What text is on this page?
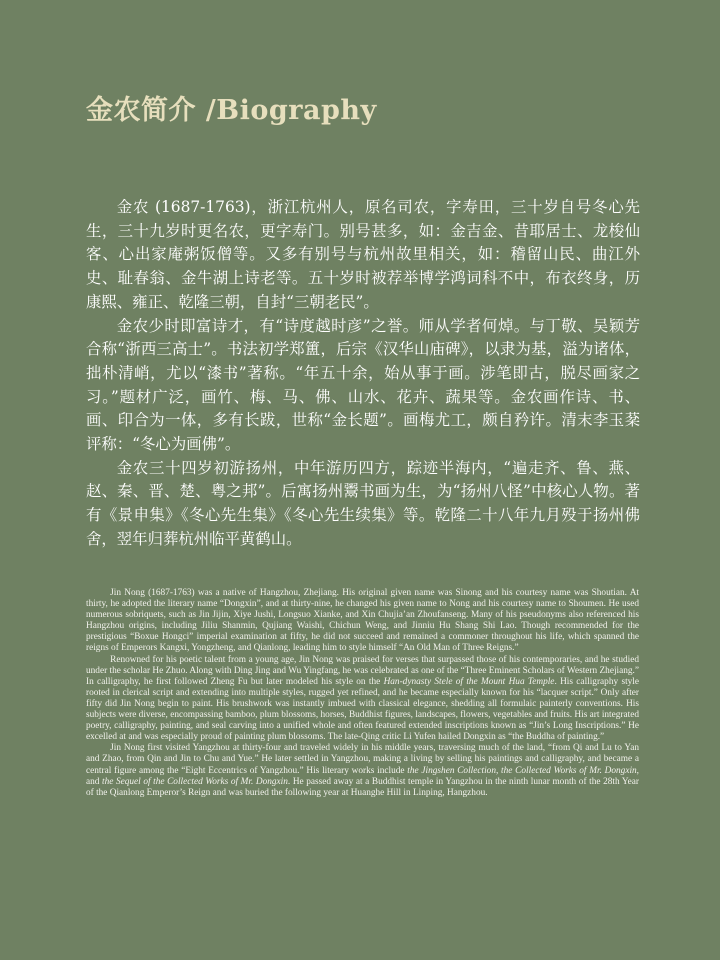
金农简介 /Biography

金农 (1687-1763)，浙江杭州人，原名司农，字寿田，三十岁自号冬心先生，三十九岁时更名农，更字寿门。别号甚多，如：金吉金、昔耶居士、龙梭仙客、心出家庵粥饭僧等。又多有别号与杭州故里相关，如：稽留山民、曲江外史、耻春翁、金牛湖上诗老等。五十岁时被荐举博学鸿词科不中，布衣终身，历康熙、雍正、乾隆三朝，自封“三朝老民”。

金农少时即富诗才，有“诗度越时彦”之誉。师从学者何焯。与丁敬、吴颖芳合称“浙西三高士”。书法初学郑簠，后宗《汉华山庙碑》，以隶为基，溢为诸体，拙朴清峭，尤以“漆书”著称。“年五十余，始从事于画。涉笔即古，脱尽画家之习。”题材广泛，画竹、梅、马、佛、山水、花卉、蔬果等。金农画作诗、书、画、印合为一体，多有长跋，世称“金长题”。画梅尤工，颇自矜许。清末李玉棻评称：“冬心为画佛”。

金农三十四岁初游扬州，中年游历四方，踪迹半海内，“遍走齐、鲁、燕、赵、秦、晋、楚、粤之邦”。后寓扬州鬻书画为生，为“扬州八怪”中核心人物。著有《景申集》《冬心先生集》《冬心先生续集》等。乾隆二十八年九月殁于扬州佛舍，翌年归葬杭州临平黄鹤山。

Jin Nong (1687-1763) was a native of Hangzhou, Zhejiang. His original given name was Sinong and his courtesy name was Shoutian. At thirty, he adopted the literary name “Dongxin”, and at thirty-nine, he changed his given name to Nong and his courtesy name to Shoumen. He used numerous sobriquets, such as Jin Jijin, Xiye Jushi, Longsuo Xianke, and Xin Chujia’an Zhoufanseng. Many of his pseudonyms also referenced his Hangzhou origins, including Jiliu Shanmin, Qujiang Waishi, Chichun Weng, and Jinniu Hu Shang Shi Lao. Though recommended for the prestigious “Boxue Hongci” imperial examination at fifty, he did not succeed and remained a commoner throughout his life, which spanned the reigns of Emperors Kangxi, Yongzheng, and Qianlong, leading him to style himself “An Old Man of Three Reigns.”

Renowned for his poetic talent from a young age, Jin Nong was praised for verses that surpassed those of his contemporaries, and he studied under the scholar He Zhuo. Along with Ding Jing and Wu Yingfang, he was celebrated as one of the “Three Eminent Scholars of Western Zhejiang.” In calligraphy, he first followed Zheng Fu but later modeled his style on the Han-dynasty Stele of the Mount Hua Temple. His calligraphy style rooted in clerical script and extending into multiple styles, rugged yet refined, and he became especially known for his “lacquer script.” Only after fifty did Jin Nong begin to paint. His brushwork was instantly imbued with classical elegance, shedding all formulaic painterly conventions. His subjects were diverse, encompassing bamboo, plum blossoms, horses, Buddhist figures, landscapes, flowers, vegetables and fruits. His art integrated poetry, calligraphy, painting, and seal carving into a unified whole and often featured extended inscriptions known as “Jin’s Long Inscriptions.” He excelled at and was especially proud of painting plum blossoms. The late-Qing critic Li Yufen hailed Dongxin as “the Buddha of painting.”

Jin Nong first visited Yangzhou at thirty-four and traveled widely in his middle years, traversing much of the land, “from Qi and Lu to Yan and Zhao, from Qin and Jin to Chu and Yue.” He later settled in Yangzhou, making a living by selling his paintings and calligraphy, and became a central figure among the “Eight Eccentrics of Yangzhou.” His literary works include the Jingshen Collection, the Collected Works of Mr. Dongxin, and the Sequel of the Collected Works of Mr. Dongxin. He passed away at a Buddhist temple in Yangzhou in the ninth lunar month of the 28th Year of the Qianlong Emperor’s Reign and was buried the following year at Huanghe Hill in Linping, Hangzhou.
